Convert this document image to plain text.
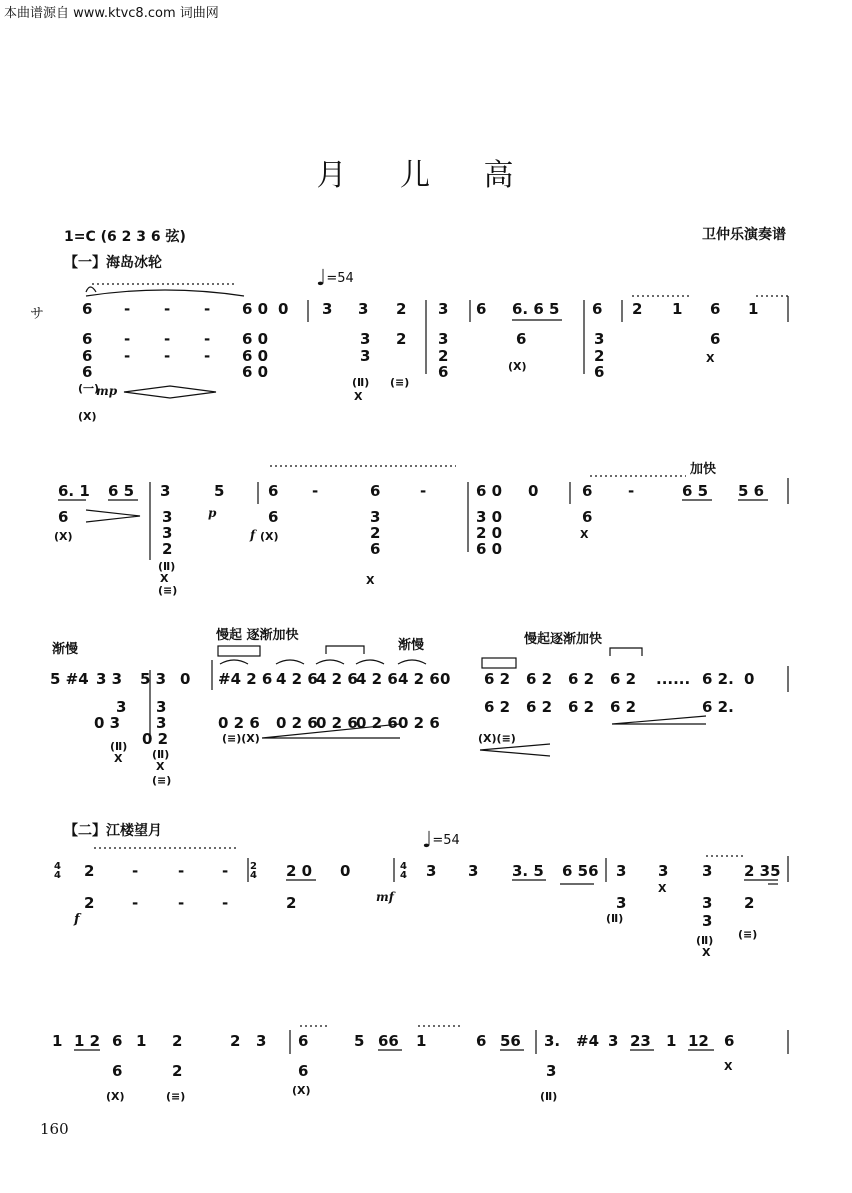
本曲谱源自 www.ktvc8.com 词曲网
月 儿 高
1=C (6 2 3 6 弦)	卫仲乐演奏谱
【一】海岛冰轮
♩=54
サ	6 - - - 6 0 0 3 3 2 3 6 6. 6 5 6 2 1 6 1
6 - - - 6 0	3 2 3	6	3	6
6 - - - 6 0	3	2	2
6	6 0	6	6
(一)
(X)
(Ⅱ)
X
(≡)
(X)
X
mp
6. 1 6 5 3	5	6 -	6	-	6 0 0	6 -	6 5 5 6
6	3	6	3	3 0	6
3	2	2 0
2	6	6 0
(X)
(Ⅱ)
X
(≡)
(X)
X
X
p
f
加快
渐慢
慢起 逐渐加快
渐慢	慢起逐渐加快
5 #4 3 3 5 3 0 #4 2 6 4 2 6
4 2 6
4 2 6 4 2 6 0 6 2 6 2 6 2 6 2 ...... 6 2. 0
3 3	6 2 6 2 6 2 6 2	6 2.
0 3 3	0 2 6 0 2 6
0 2 6
0 2 6 0 2 6
0 2
(Ⅱ)
X	(Ⅱ)
X
(≡)
(≡)(X)	(X)(≡)
【二】江楼望月	♩=54
4
4 2	-	-	- 2
4 2 0 0	4
4 3 3 3. 5 6 56 3 3 3 2 35
2	-	-	-	2	3	3 2
3
(Ⅱ)
X
(Ⅱ)
X
(≡)
f
mf
1 1 2 6 1 2	2 3 6	5 66 1	6 56 3. #4 3 23 1 12 6
6	2	6	3
(X)	(≡)	(X)	(Ⅱ)
X
160
